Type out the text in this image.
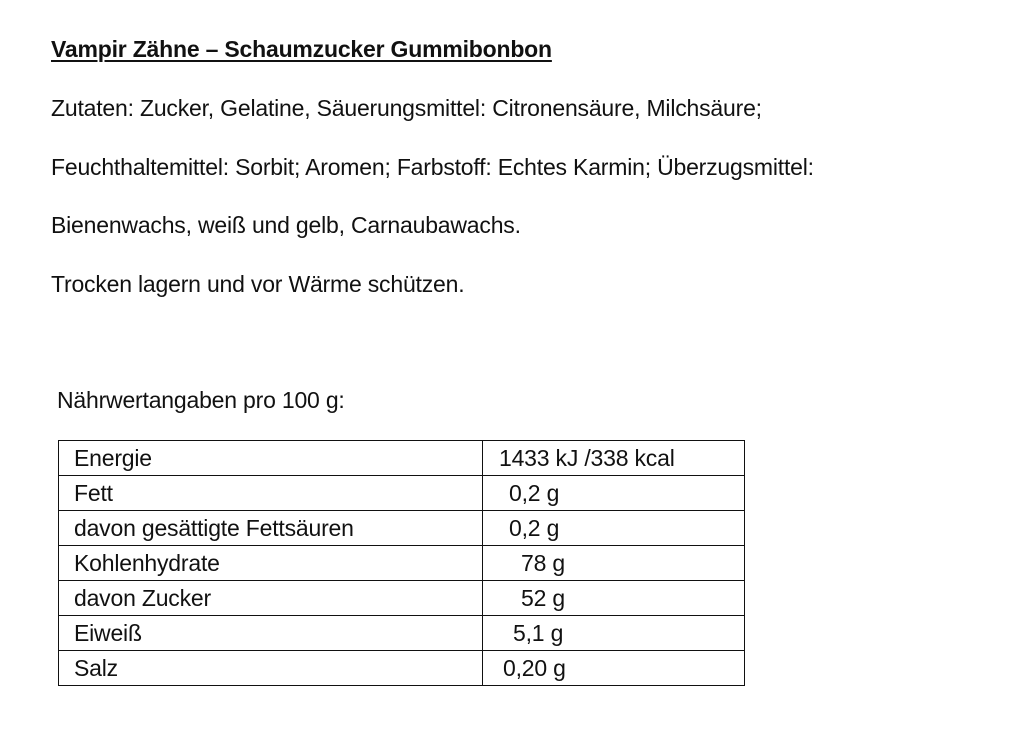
Vampir Zähne – Schaumzucker Gummibonbon
Zutaten: Zucker, Gelatine, Säuerungsmittel: Citronensäure, Milchsäure;
Feuchthaltemittel: Sorbit; Aromen; Farbstoff: Echtes Karmin; Überzugsmittel:
Bienenwachs, weiß und gelb, Carnaubawachs.
Trocken lagern und vor Wärme schützen.
Nährwertangaben pro 100 g:
Energie	1433 kJ /338 kcal
Fett	0,2 g
davon gesättigte Fettsäuren	0,2 g
Kohlenhydrate	78 g
davon Zucker	52 g
Eiweiß	5,1 g
Salz	0,20 g
